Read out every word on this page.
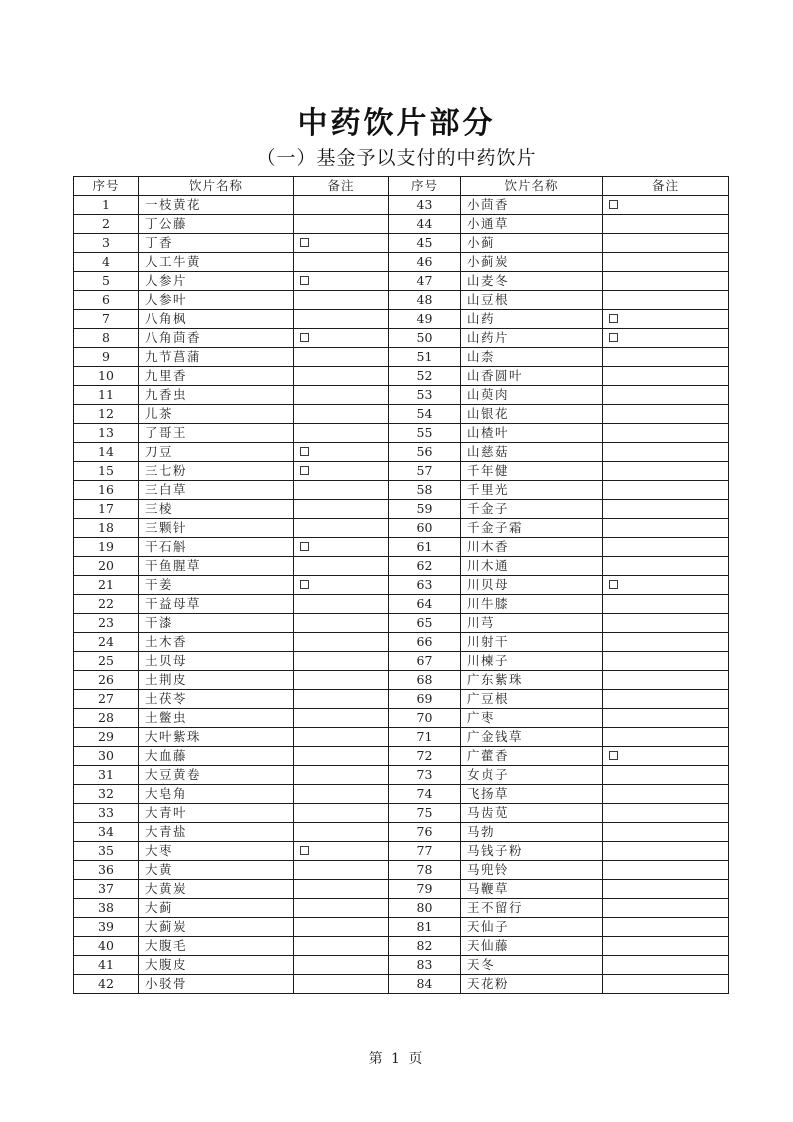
中药饮片部分
（一）基金予以支付的中药饮片
序号	饮片名称	备注	序号	饮片名称	备注
1	一枝黄花		43	小茴香	
2	丁公藤		44	小通草	
3	丁香		45	小蓟	
4	人工牛黄		46	小蓟炭	
5	人参片		47	山麦冬	
6	人参叶		48	山豆根	
7	八角枫		49	山药	
8	八角茴香		50	山药片	
9	九节菖蒲		51	山柰	
10	九里香		52	山香圆叶	
11	九香虫		53	山萸肉	
12	儿茶		54	山银花	
13	了哥王		55	山楂叶	
14	刀豆		56	山慈菇	
15	三七粉		57	千年健	
16	三白草		58	千里光	
17	三棱		59	千金子	
18	三颗针		60	千金子霜	
19	干石斛		61	川木香	
20	干鱼腥草		62	川木通	
21	干姜		63	川贝母	
22	干益母草		64	川牛膝	
23	干漆		65	川芎	
24	土木香		66	川射干	
25	土贝母		67	川楝子	
26	土荆皮		68	广东紫珠	
27	土茯苓		69	广豆根	
28	土鳖虫		70	广枣	
29	大叶紫珠		71	广金钱草	
30	大血藤		72	广藿香	
31	大豆黄卷		73	女贞子	
32	大皂角		74	飞扬草	
33	大青叶		75	马齿苋	
34	大青盐		76	马勃	
35	大枣		77	马钱子粉	
36	大黄		78	马兜铃	
37	大黄炭		79	马鞭草	
38	大蓟		80	王不留行	
39	大蓟炭		81	天仙子	
40	大腹毛		82	天仙藤	
41	大腹皮		83	天冬	
42	小驳骨		84	天花粉	
第 1 页
